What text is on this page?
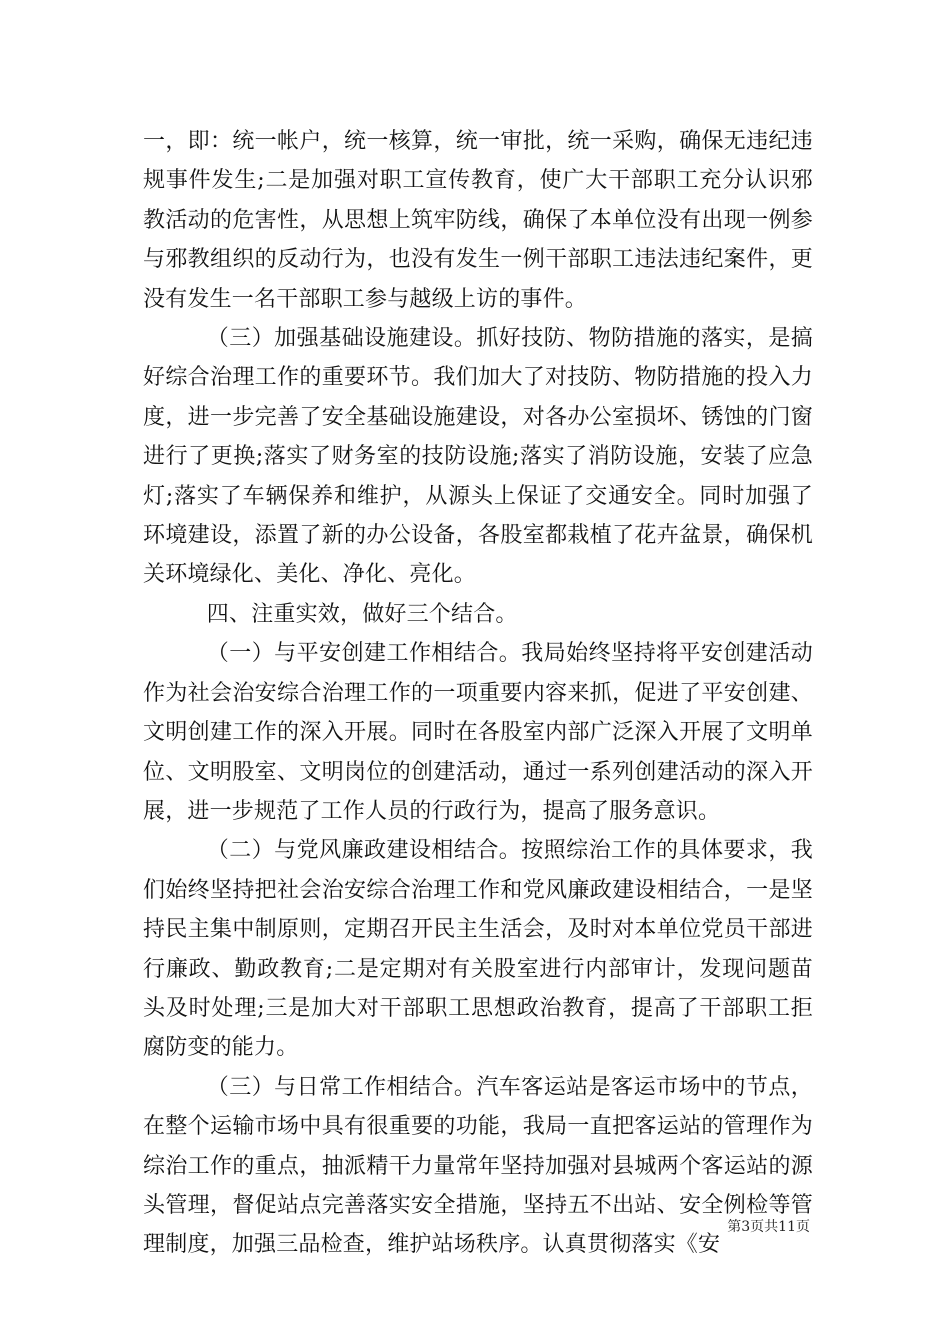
一，即：统一帐户，统一核算，统一审批，统一采购，确保无违纪违规事件发生;二是加强对职工宣传教育，使广大干部职工充分认识邪教活动的危害性，从思想上筑牢防线，确保了本单位没有出现一例参与邪教组织的反动行为，也没有发生一例干部职工违法违纪案件，更没有发生一名干部职工参与越级上访的事件。

（三）加强基础设施建设。抓好技防、物防措施的落实，是搞好综合治理工作的重要环节。我们加大了对技防、物防措施的投入力度，进一步完善了安全基础设施建设，对各办公室损坏、锈蚀的门窗进行了更换;落实了财务室的技防设施;落实了消防设施，安装了应急灯;落实了车辆保养和维护，从源头上保证了交通安全。同时加强了环境建设，添置了新的办公设备，各股室都栽植了花卉盆景，确保机关环境绿化、美化、净化、亮化。

四、注重实效，做好三个结合。

（一）与平安创建工作相结合。我局始终坚持将平安创建活动作为社会治安综合治理工作的一项重要内容来抓，促进了平安创建、文明创建工作的深入开展。同时在各股室内部广泛深入开展了文明单位、文明股室、文明岗位的创建活动，通过一系列创建活动的深入开展，进一步规范了工作人员的行政行为，提高了服务意识。

（二）与党风廉政建设相结合。按照综治工作的具体要求，我们始终坚持把社会治安综合治理工作和党风廉政建设相结合，一是坚持民主集中制原则，定期召开民主生活会，及时对本单位党员干部进行廉政、勤政教育;二是定期对有关股室进行内部审计，发现问题苗头及时处理;三是加大对干部职工思想政治教育，提高了干部职工拒腐防变的能力。

（三）与日常工作相结合。汽车客运站是客运市场中的节点，在整个运输市场中具有很重要的功能，我局一直把客运站的管理作为综治工作的重点，抽派精干力量常年坚持加强对县城两个客运站的源头管理，督促站点完善落实安全措施，坚持五不出站、安全例检等管理制度，加强三品检查，维护站场秩序。认真贯彻落实《安

第3页共11页
